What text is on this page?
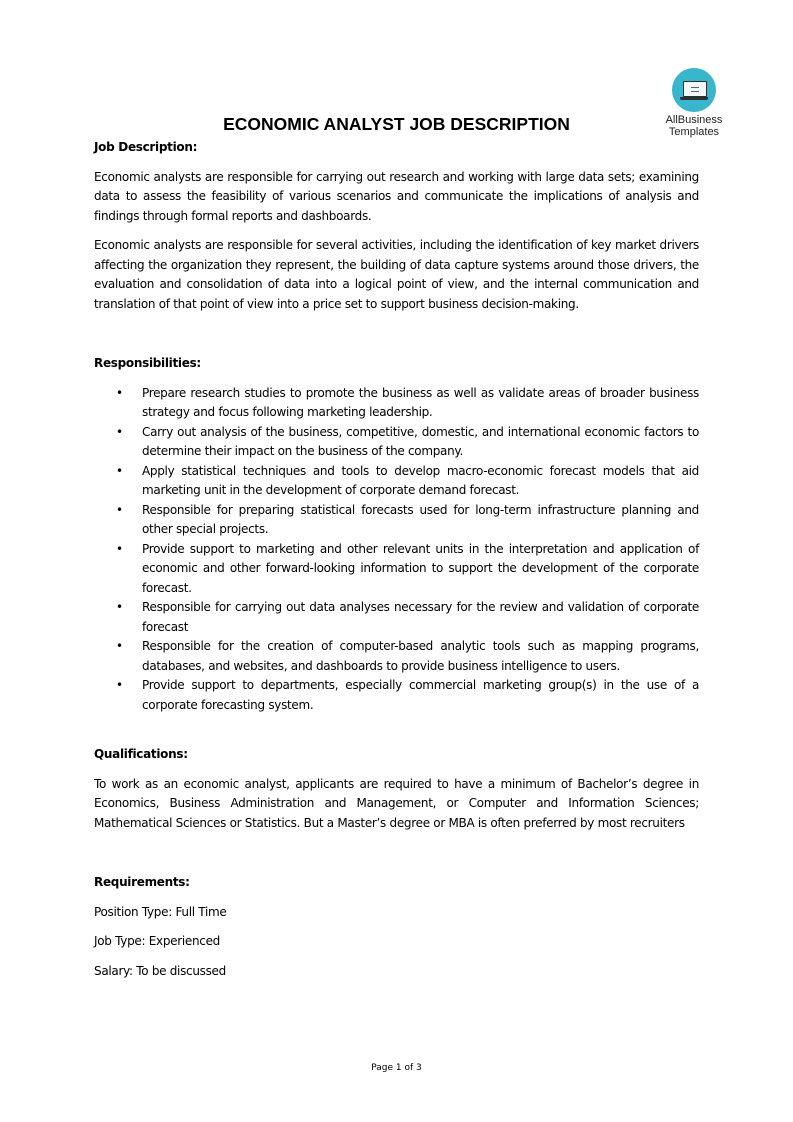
AllBusiness
Templates
ECONOMIC ANALYST JOB DESCRIPTION

Job Description:

Economic analysts are responsible for carrying out research and working with large data sets; examining data to assess the feasibility of various scenarios and communicate the implications of analysis and findings through formal reports and dashboards.

Economic analysts are responsible for several activities, including the identification of key market drivers affecting the organization they represent, the building of data capture systems around those drivers, the evaluation and consolidation of data into a logical point of view, and the internal communication and translation of that point of view into a price set to support business decision-making.

Responsibilities:

• Prepare research studies to promote the business as well as validate areas of broader business strategy and focus following marketing leadership.
• Carry out analysis of the business, competitive, domestic, and international economic factors to determine their impact on the business of the company.
• Apply statistical techniques and tools to develop macro-economic forecast models that aid marketing unit in the development of corporate demand forecast.
• Responsible for preparing statistical forecasts used for long-term infrastructure planning and other special projects.
• Provide support to marketing and other relevant units in the interpretation and application of economic and other forward-looking information to support the development of the corporate forecast.
• Responsible for carrying out data analyses necessary for the review and validation of corporate forecast
• Responsible for the creation of computer-based analytic tools such as mapping programs, databases, and websites, and dashboards to provide business intelligence to users.
• Provide support to departments, especially commercial marketing group(s) in the use of a corporate forecasting system.

Qualifications:

To work as an economic analyst, applicants are required to have a minimum of Bachelor’s degree in Economics, Business Administration and Management, or Computer and Information Sciences; Mathematical Sciences or Statistics. But a Master’s degree or MBA is often preferred by most recruiters

Requirements:

Position Type: Full Time

Job Type: Experienced

Salary: To be discussed

Page 1 of 3
